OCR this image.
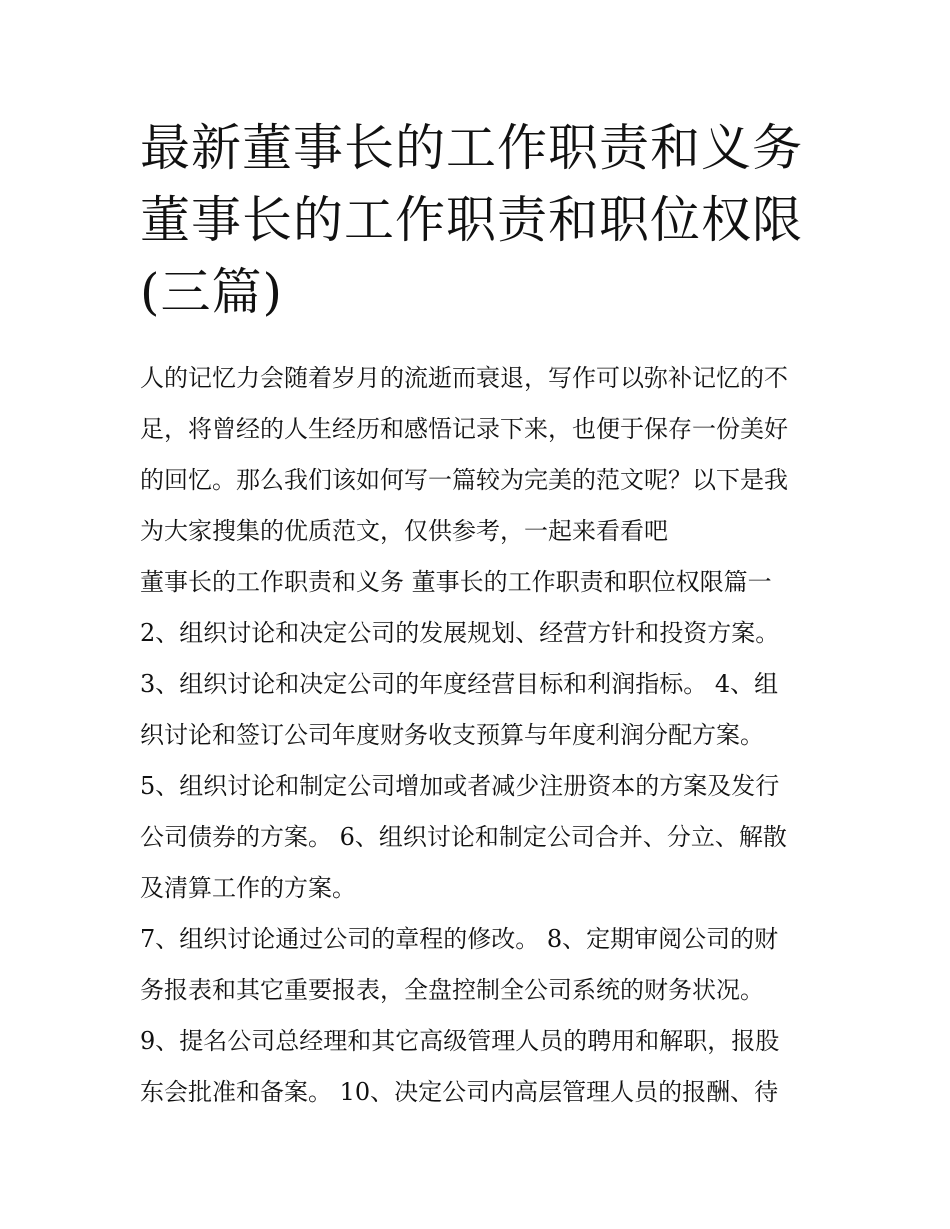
最新董事长的工作职责和义务
董事长的工作职责和职位权限
(三篇)

人的记忆力会随着岁月的流逝而衰退，写作可以弥补记忆的不

足，将曾经的人生经历和感悟记录下来，也便于保存一份美好

的回忆。那么我们该如何写一篇较为完美的范文呢？以下是我

为大家搜集的优质范文，仅供参考，一起来看看吧

董事长的工作职责和义务 董事长的工作职责和职位权限篇一

2、组织讨论和决定公司的发展规划、经营方针和投资方案。

3、组织讨论和决定公司的年度经营目标和利润指标。 4、组

织讨论和签订公司年度财务收支预算与年度利润分配方案。

5、组织讨论和制定公司增加或者减少注册资本的方案及发行

公司债券的方案。 6、组织讨论和制定公司合并、分立、解散

及清算工作的方案。

7、组织讨论通过公司的章程的修改。 8、定期审阅公司的财

务报表和其它重要报表，全盘控制全公司系统的财务状况。

9、提名公司总经理和其它高级管理人员的聘用和解职，报股

东会批准和备案。 10、决定公司内高层管理人员的报酬、待
